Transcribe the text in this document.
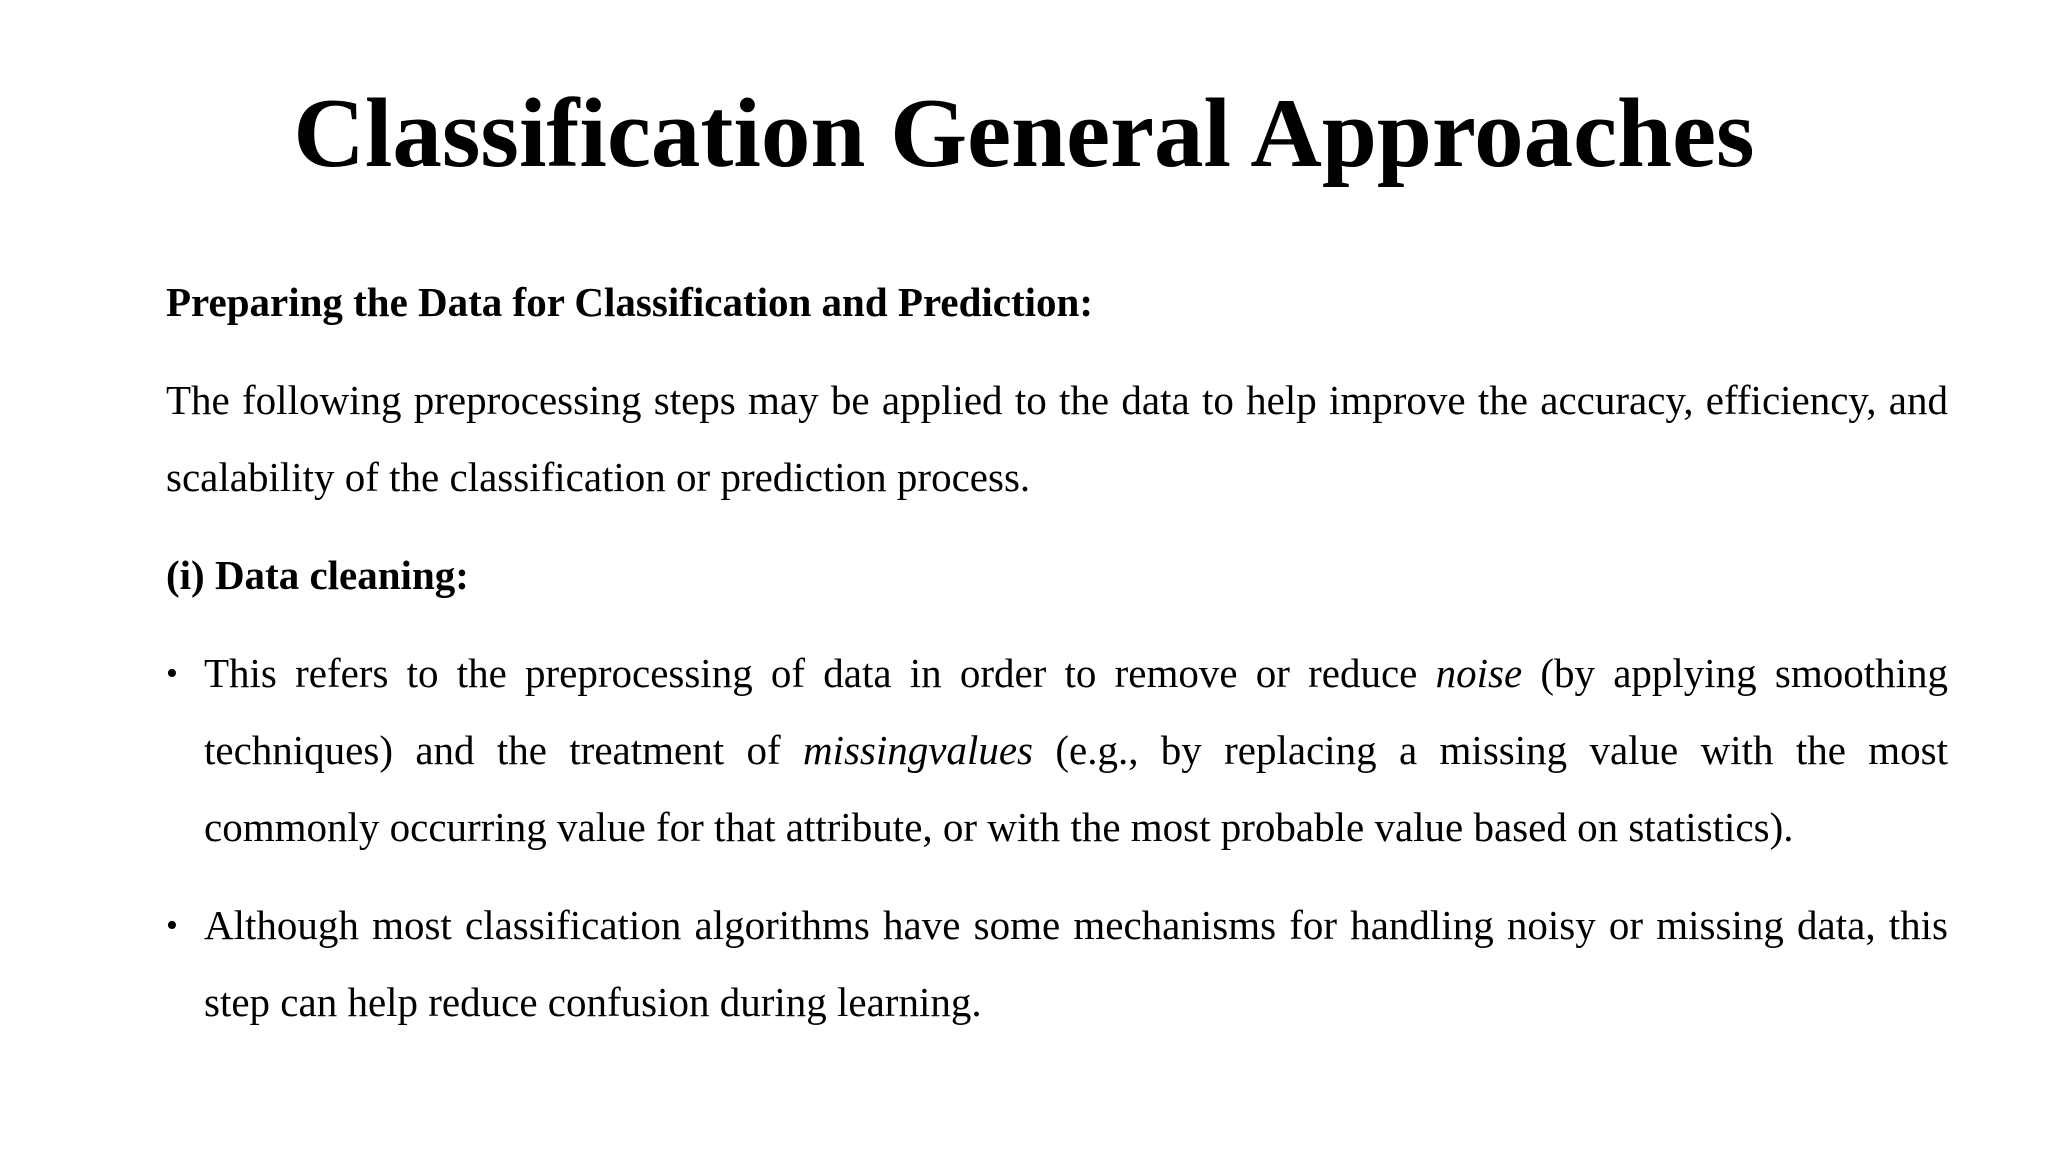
Classification General Approaches

Preparing the Data for Classification and Prediction:

The following preprocessing steps may be applied to the data to help improve the accuracy, efficiency, and scalability of the classification or prediction process.

(i) Data cleaning:

• This refers to the preprocessing of data in order to remove or reduce noise (by applying smoothing techniques) and the treatment of missingvalues (e.g., by replacing a missing value with the most commonly occurring value for that attribute, or with the most probable value based on statistics).
• Although most classification algorithms have some mechanisms for handling noisy or missing data, this step can help reduce confusion during learning.
